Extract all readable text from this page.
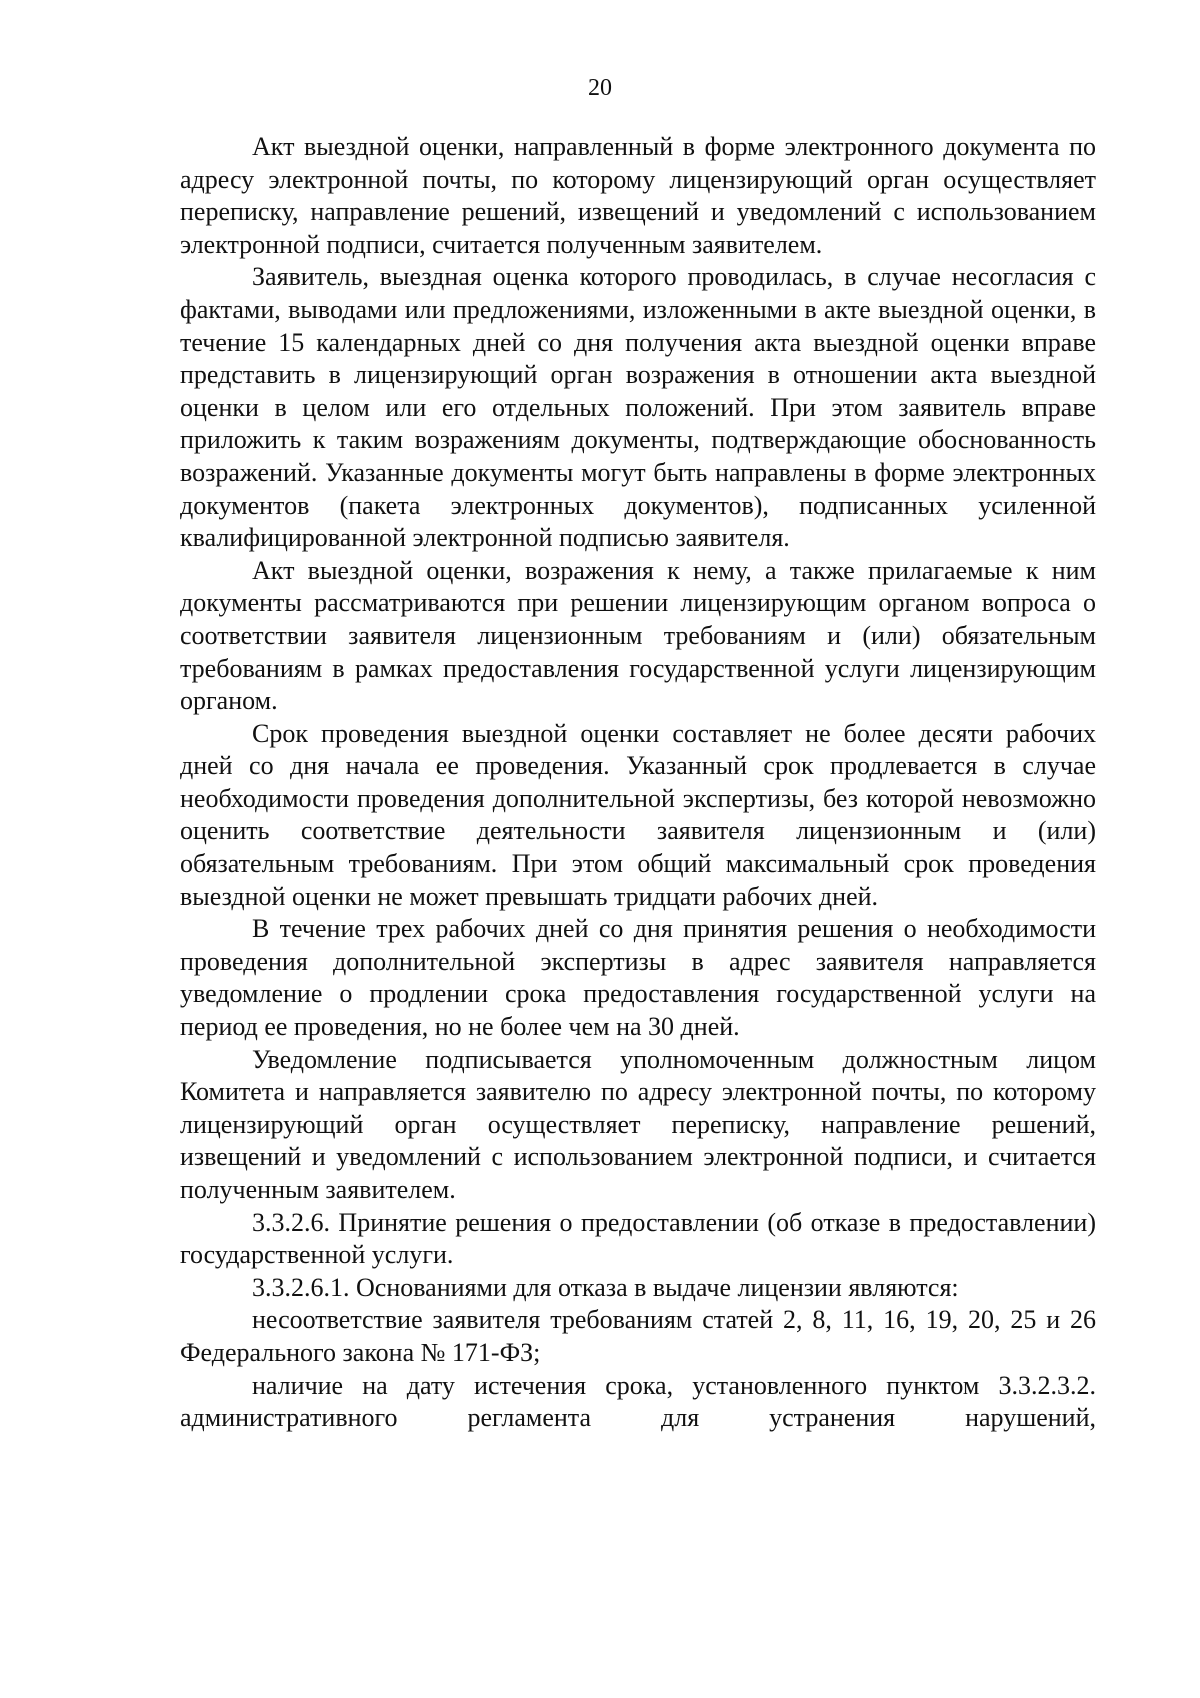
20

Акт выездной оценки, направленный в форме электронного документа по адресу электронной почты, по которому лицензирующий орган осуществляет переписку, направление решений, извещений и уведомлений с использованием электронной подписи, считается полученным заявителем.

Заявитель, выездная оценка которого проводилась, в случае несогласия с фактами, выводами или предложениями, изложенными в акте выездной оценки, в течение 15 календарных дней со дня получения акта выездной оценки вправе представить в лицензирующий орган возражения в отношении акта выездной оценки в целом или его отдельных положений. При этом заявитель вправе приложить к таким возражениям документы, подтверждающие обоснованность возражений. Указанные документы могут быть направлены в форме электронных документов (пакета электронных документов), подписанных усиленной квалифицированной электронной подписью заявителя.

Акт выездной оценки, возражения к нему, а также прилагаемые к ним документы рассматриваются при решении лицензирующим органом вопроса о соответствии заявителя лицензионным требованиям и (или) обязательным требованиям в рамках предоставления государственной услуги лицензирующим органом.

Срок проведения выездной оценки составляет не более десяти рабочих дней со дня начала ее проведения. Указанный срок продлевается в случае необходимости проведения дополнительной экспертизы, без которой невозможно оценить соответствие деятельности заявителя лицензионным и (или) обязательным требованиям. При этом общий максимальный срок проведения выездной оценки не может превышать тридцати рабочих дней.

В течение трех рабочих дней со дня принятия решения о необходимости проведения дополнительной экспертизы в адрес заявителя направляется уведомление о продлении срока предоставления государственной услуги на период ее проведения, но не более чем на 30 дней.

Уведомление подписывается уполномоченным должностным лицом Комитета и направляется заявителю по адресу электронной почты, по которому лицензирующий орган осуществляет переписку, направление решений, извещений и уведомлений с использованием электронной подписи, и считается полученным заявителем.

3.3.2.6. Принятие решения о предоставлении (об отказе в предоставлении) государственной услуги.

3.3.2.6.1. Основаниями для отказа в выдаче лицензии являются:

несоответствие заявителя требованиям статей 2, 8, 11, 16, 19, 20, 25 и 26 Федерального закона № 171-ФЗ;

наличие на дату истечения срока, установленного пунктом 3.3.2.3.2. административного регламента для устранения нарушений,
